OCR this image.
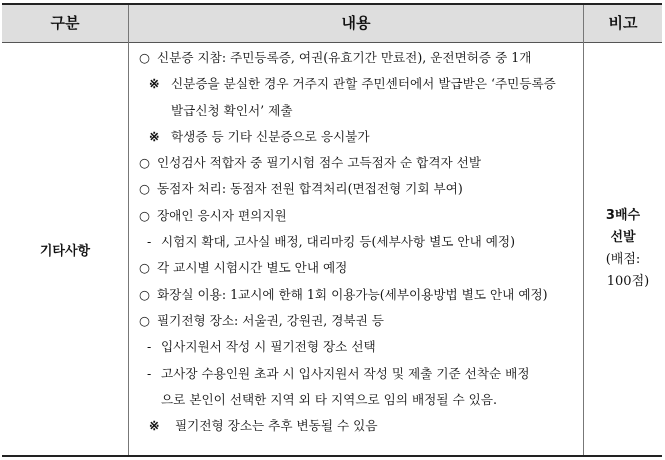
구분	내용	비고
기타사항
○ 신분증 지참: 주민등록증, 여권(유효기간 만료전), 운전면허증 중 1개
※ 신분증을 분실한 경우 거주지 관할 주민센터에서 발급받은 ‘주민등록증
발급신청 확인서’ 제출
※ 학생증 등 기타 신분증으로 응시불가
○ 인성검사 적합자 중 필기시험 점수 고득점자 순 합격자 선발
○ 동점자 처리: 동점자 전원 합격처리(면접전형 기회 부여)
○ 장애인 응시자 편의지원
- 시험지 확대, 고사실 배정, 대리마킹 등(세부사항 별도 안내 예정)
○ 각 교시별 시험시간 별도 안내 예정
○ 화장실 이용: 1교시에 한해 1회 이용가능(세부이용방법 별도 안내 예정)
○ 필기전형 장소: 서울권, 강원권, 경북권 등
- 입사지원서 작성 시 필기전형 장소 선택
- 고사장 수용인원 초과 시 입사지원서 작성 및 제출 기준 선착순 배정
으로 본인이 선택한 지역 외 타 지역으로 임의 배정될 수 있음.
※ 필기전형 장소는 추후 변동될 수 있음
3배수
선발
(배점:
100점)
